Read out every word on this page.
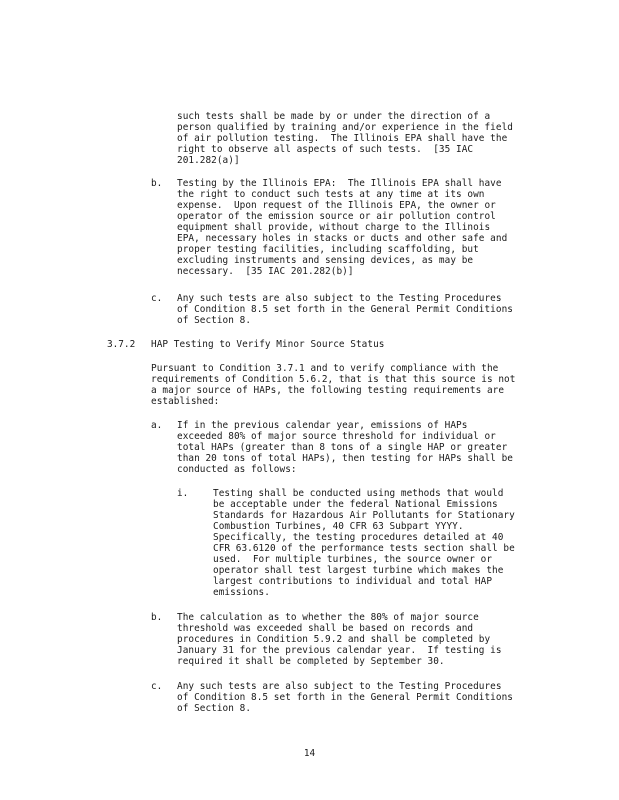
such tests shall be made by or under the direction of a
person qualified by training and/or experience in the field
of air pollution testing.  The Illinois EPA shall have the
right to observe all aspects of such tests.  [35 IAC
201.282(a)]
b. Testing by the Illinois EPA:  The Illinois EPA shall have
the right to conduct such tests at any time at its own
expense.  Upon request of the Illinois EPA, the owner or
operator of the emission source or air pollution control
equipment shall provide, without charge to the Illinois
EPA, necessary holes in stacks or ducts and other safe and
proper testing facilities, including scaffolding, but
excluding instruments and sensing devices, as may be
necessary.  [35 IAC 201.282(b)]
c. Any such tests are also subject to the Testing Procedures
of Condition 8.5 set forth in the General Permit Conditions
of Section 8.
3.7.2 HAP Testing to Verify Minor Source Status
Pursuant to Condition 3.7.1 and to verify compliance with the
requirements of Condition 5.6.2, that is that this source is not
a major source of HAPs, the following testing requirements are
established:
a. If in the previous calendar year, emissions of HAPs
exceeded 80% of major source threshold for individual or
total HAPs (greater than 8 tons of a single HAP or greater
than 20 tons of total HAPs), then testing for HAPs shall be
conducted as follows:
i.	Testing shall be conducted using methods that would
be acceptable under the federal National Emissions
Standards for Hazardous Air Pollutants for Stationary
Combustion Turbines, 40 CFR 63 Subpart YYYY.
Specifically, the testing procedures detailed at 40
CFR 63.6120 of the performance tests section shall be
used.  For multiple turbines, the source owner or
operator shall test largest turbine which makes the
largest contributions to individual and total HAP
emissions.
b. The calculation as to whether the 80% of major source
threshold was exceeded shall be based on records and
procedures in Condition 5.9.2 and shall be completed by
January 31 for the previous calendar year.  If testing is
required it shall be completed by September 30.
c. Any such tests are also subject to the Testing Procedures
of Condition 8.5 set forth in the General Permit Conditions
of Section 8.
14
